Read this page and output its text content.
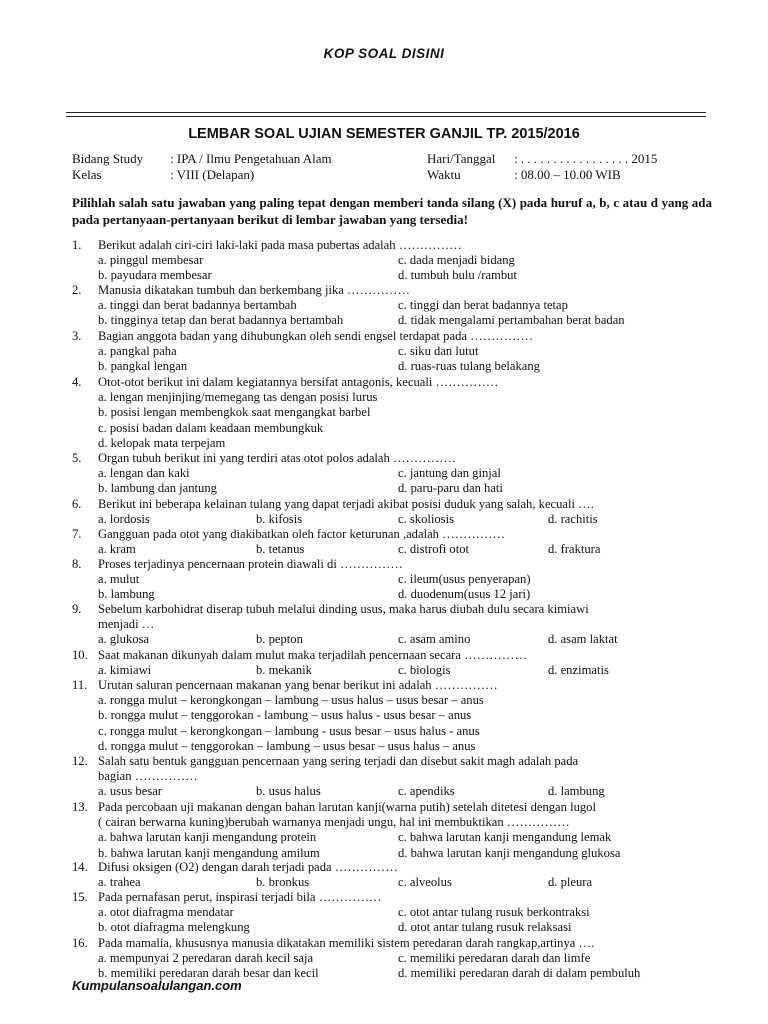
KOP SOAL DISINI
LEMBAR SOAL UJIAN SEMESTER GANJIL TP. 2015/2016
Bidang Study : IPA / Ilmu Pengetahuan Alam	Hari/Tanggal : . . . . . . . . . . . . . . . . . 2015
Kelas	: VIII (Delapan)	Waktu	: 08.00 – 10.00 WIB
Pilihlah salah satu jawaban yang paling tepat dengan memberi tanda silang (X) pada huruf a, b, c atau d yang ada pada pertanyaan-pertanyaan berikut di lembar jawaban yang tersedia!
1. Berikut adalah ciri-ciri laki-laki pada masa pubertas adalah ……………
a. pinggul membesar	c. dada menjadi bidang
b. payudara membesar	d. tumbuh bulu /rambut
2. Manusia dikatakan tumbuh dan berkembang jika ……………
a. tinggi dan berat badannya bertambah	c. tinggi dan berat badannya tetap
b. tingginya tetap dan berat badannya bertambah	d. tidak mengalami pertambahan berat badan
3. Bagian anggota badan yang dihubungkan oleh sendi engsel terdapat pada ……………
a. pangkal paha	c. siku dan lutut
b. pangkal lengan	d. ruas-ruas tulang belakang
4. Otot-otot berikut ini dalam kegiatannya bersifat antagonis, kecuali ……………
a. lengan menjinjing/memegang tas dengan posisi lurus
b. posisi lengan membengkok saat mengangkat barbel
c. posisi badan dalam keadaan membungkuk
d. kelopak mata terpejam
5. Organ tubuh berikut ini yang terdiri atas otot polos adalah ……………
a. lengan dan kaki	c. jantung dan ginjal
b. lambung dan jantung	d. paru-paru dan hati
6. Berikut ini beberapa kelainan tulang yang dapat terjadi akibat posisi duduk yang salah, kecuali ….
a. lordosis	b. kifosis	c. skoliosis	d. rachitis
7. Gangguan pada otot yang diakibatkan oleh factor keturunan ,adalah ……………
a. kram	b. tetanus	c. distrofi otot	d. fraktura
8. Proses terjadinya pencernaan protein diawali di ……………
a. mulut	c. ileum(usus penyerapan)
b. lambung	d. duodenum(usus 12 jari)
9. Sebelum karbohidrat diserap tubuh melalui dinding usus, maka harus diubah dulu secara kimiawi
menjadi …
a. glukosa	b. pepton	c. asam amino	d. asam laktat
10. Saat makanan dikunyah dalam mulut maka terjadilah pencernaan secara ……………
a. kimiawi	b. mekanik	c. biologis	d. enzimatis
11. Urutan saluran pencernaan makanan yang benar berikut ini adalah ……………
a. rongga mulut – kerongkongan – lambung – usus halus – usus besar – anus
b. rongga mulut – tenggorokan - lambung – usus halus - usus besar – anus
c. rongga mulut – kerongkongan – lambung - usus besar – usus halus - anus
d. rongga mulut – tenggorokan – lambung – usus besar – usus halus – anus
12. Salah satu bentuk gangguan pencernaan yang sering terjadi dan disebut sakit magh adalah pada
bagian ……………
a. usus besar	b. usus halus	c. apendiks	d. lambung
13. Pada percobaan uji makanan dengan bahan larutan kanji(warna putih) setelah ditetesi dengan lugol
( cairan berwarna kuning)berubah warnanya menjadi ungu, hal ini membuktikan ……………
a. bahwa larutan kanji mengandung protein	c. bahwa larutan kanji mengandung lemak
b. bahwa larutan kanji mengandung amilum	d. bahwa larutan kanji mengandung glukosa
14. Difusi oksigen (O2) dengan darah terjadi pada ……………
a. trahea	b. bronkus	c. alveolus	d. pleura
15. Pada pernafasan perut, inspirasi terjadi bila ……………
a. otot diafragma mendatar	c. otot antar tulang rusuk berkontraksi
b. otot diafragma melengkung	d. otot antar tulang rusuk relaksasi
16. Pada mamalia, khususnya manusia dikatakan memiliki sistem peredaran darah rangkap,artinya ….
a. mempunyai 2 peredaran darah kecil saja	c. memiliki peredaran darah dan limfe
b. memiliki peredaran darah besar dan kecil	d. memiliki peredaran darah di dalam pembuluh
Kumpulansoalulangan.com
